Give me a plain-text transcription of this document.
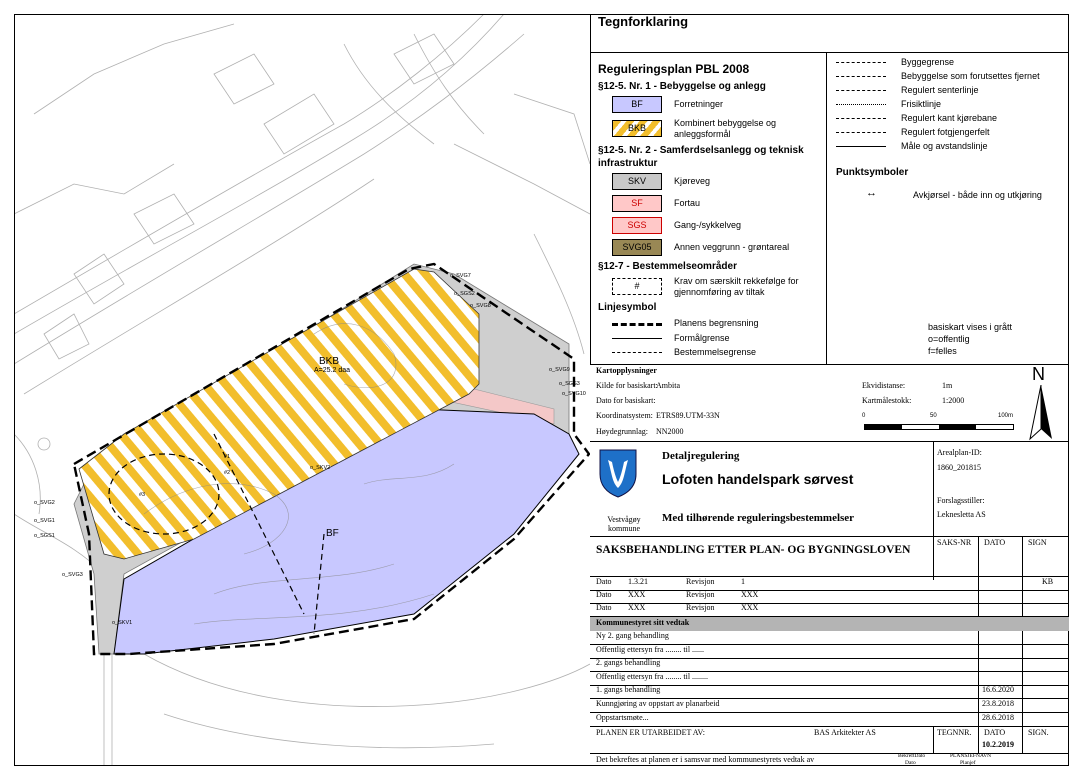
BKB
A=25.2 daa
BF
o_SVG7
o_SGS2
o_SVG8
o_SVG9
o_SGS3
o_SVG10
o_SVG2
o_SVG1
o_SGS1
o_SVG3
o_SKV2
o_SKV1
#1
#2
#3
Tegnforklaring
Reguleringsplan PBL 2008
§12-5. Nr. 1 - Bebyggelse og anlegg
BF	Forretninger
BKB	Kombinert bebyggelse og anleggsformål
§12-5. Nr. 2 - Samferdselsanlegg og teknisk infrastruktur
SKV	Kjøreveg
SF	Fortau
SGS	Gang-/sykkelveg
SVG05	Annen veggrunn - grøntareal
§12-7 - Bestemmelseområder
#	Krav om særskilt rekkefølge for gjennomføring av tiltak
Linjesymbol
Planens begrensning
Formålgrense
Bestemmelsegrense
Byggegrense
Bebyggelse som forutsettes fjernet
Regulert senterlinje
Frisiktlinje
Regulert kant kjørebane
Regulert fotgjengerfelt
Måle og avstandslinje
Punktsymboler
↔	Avkjørsel - både inn og utkjøring
basiskart vises i grått
o=offentlig
f=felles
Kartopplysninger
Kilde for basiskart:
Ambita
Dato for basiskart:
Koordinatsystem: ETRS89.UTM-33N
Høydegrunnlag: NN2000
Ekvidistanse:	1m
Kartmålestokk:	1:2000
0	50	100m
N
Vestvågøy kommune
Detaljregulering
Lofoten handelspark sørvest
Med tilhørende reguleringsbestemmelser
Arealplan-ID:
1860_201815
Forslagsstiller:
Leknesletta AS
SAKSBEHANDLING ETTER PLAN- OG BYGNINGSLOVEN
SAKS-NR DATO	SIGN
Dato 1.3.21	Revisjon	1	KB
Dato XXX	Revisjon	XXX
Dato XXX	Revisjon	XXX
Kommunestyret sitt vedtak
Ny 2. gang behandling
Offentlig ettersyn fra ........ til ......
2. gangs behandling
Offentlig ettersyn fra ........ til ........
1. gangs behandling	16.6.2020
Kunngjøring av oppstart av planarbeid	23.8.2018
Oppstartsmøte...	28.6.2018
PLANEN ER UTARBEIDET AV:	BAS Arkitekter AS	TEGNNR. DATO	SIGN.
10.2.2019
Det bekreftes at planen er i samsvar med kommunestyrets vedtak av	BekreftDato	PLANSJEFNAVN
Dato	Planjef
